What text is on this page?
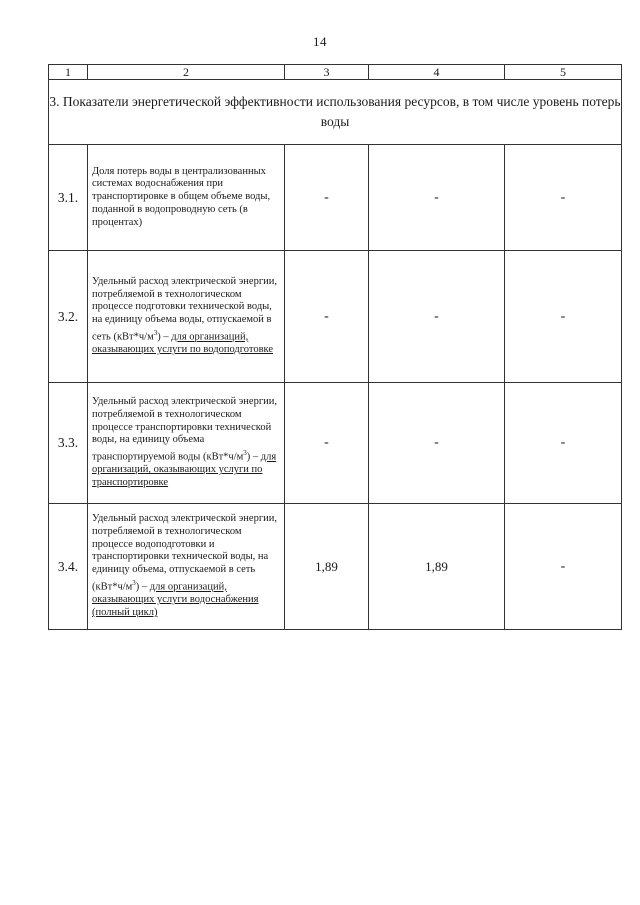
14
1	2	3	4	5
3. Показатели энергетической эффективности использования ресурсов, в том числе уровень потерь воды				
3.1.	Доля потерь воды в централизованных системах водоснабжения при транспортировке в общем объеме воды, поданной в водопроводную сеть (в процентах)	-	-	-
3.2.	Удельный расход электрической энергии, потребляемой в технологическом процессе подготовки технической воды, на единицу объема воды, отпускаемой в сеть $(кВт*ч/м^3)$ – для организаций, оказывающих услуги по водоподготовке	-	-	-
3.3.	Удельный расход электрической энергии, потребляемой в технологическом процессе транспортировки технической воды, на единицу объема транспортируемой воды $(кВт*ч/м^3)$ – для организаций, оказывающих услуги по транспортировке	-	-	-
3.4.	Удельный расход электрической энергии, потребляемой в технологическом процессе водоподготовки и транспортировки технической воды, на единицу объема, отпускаемой в сеть $(кВт*ч/м^3)$ – для организаций, оказывающих услуги водоснабжения (полный цикл)	1,89	1,89	-
